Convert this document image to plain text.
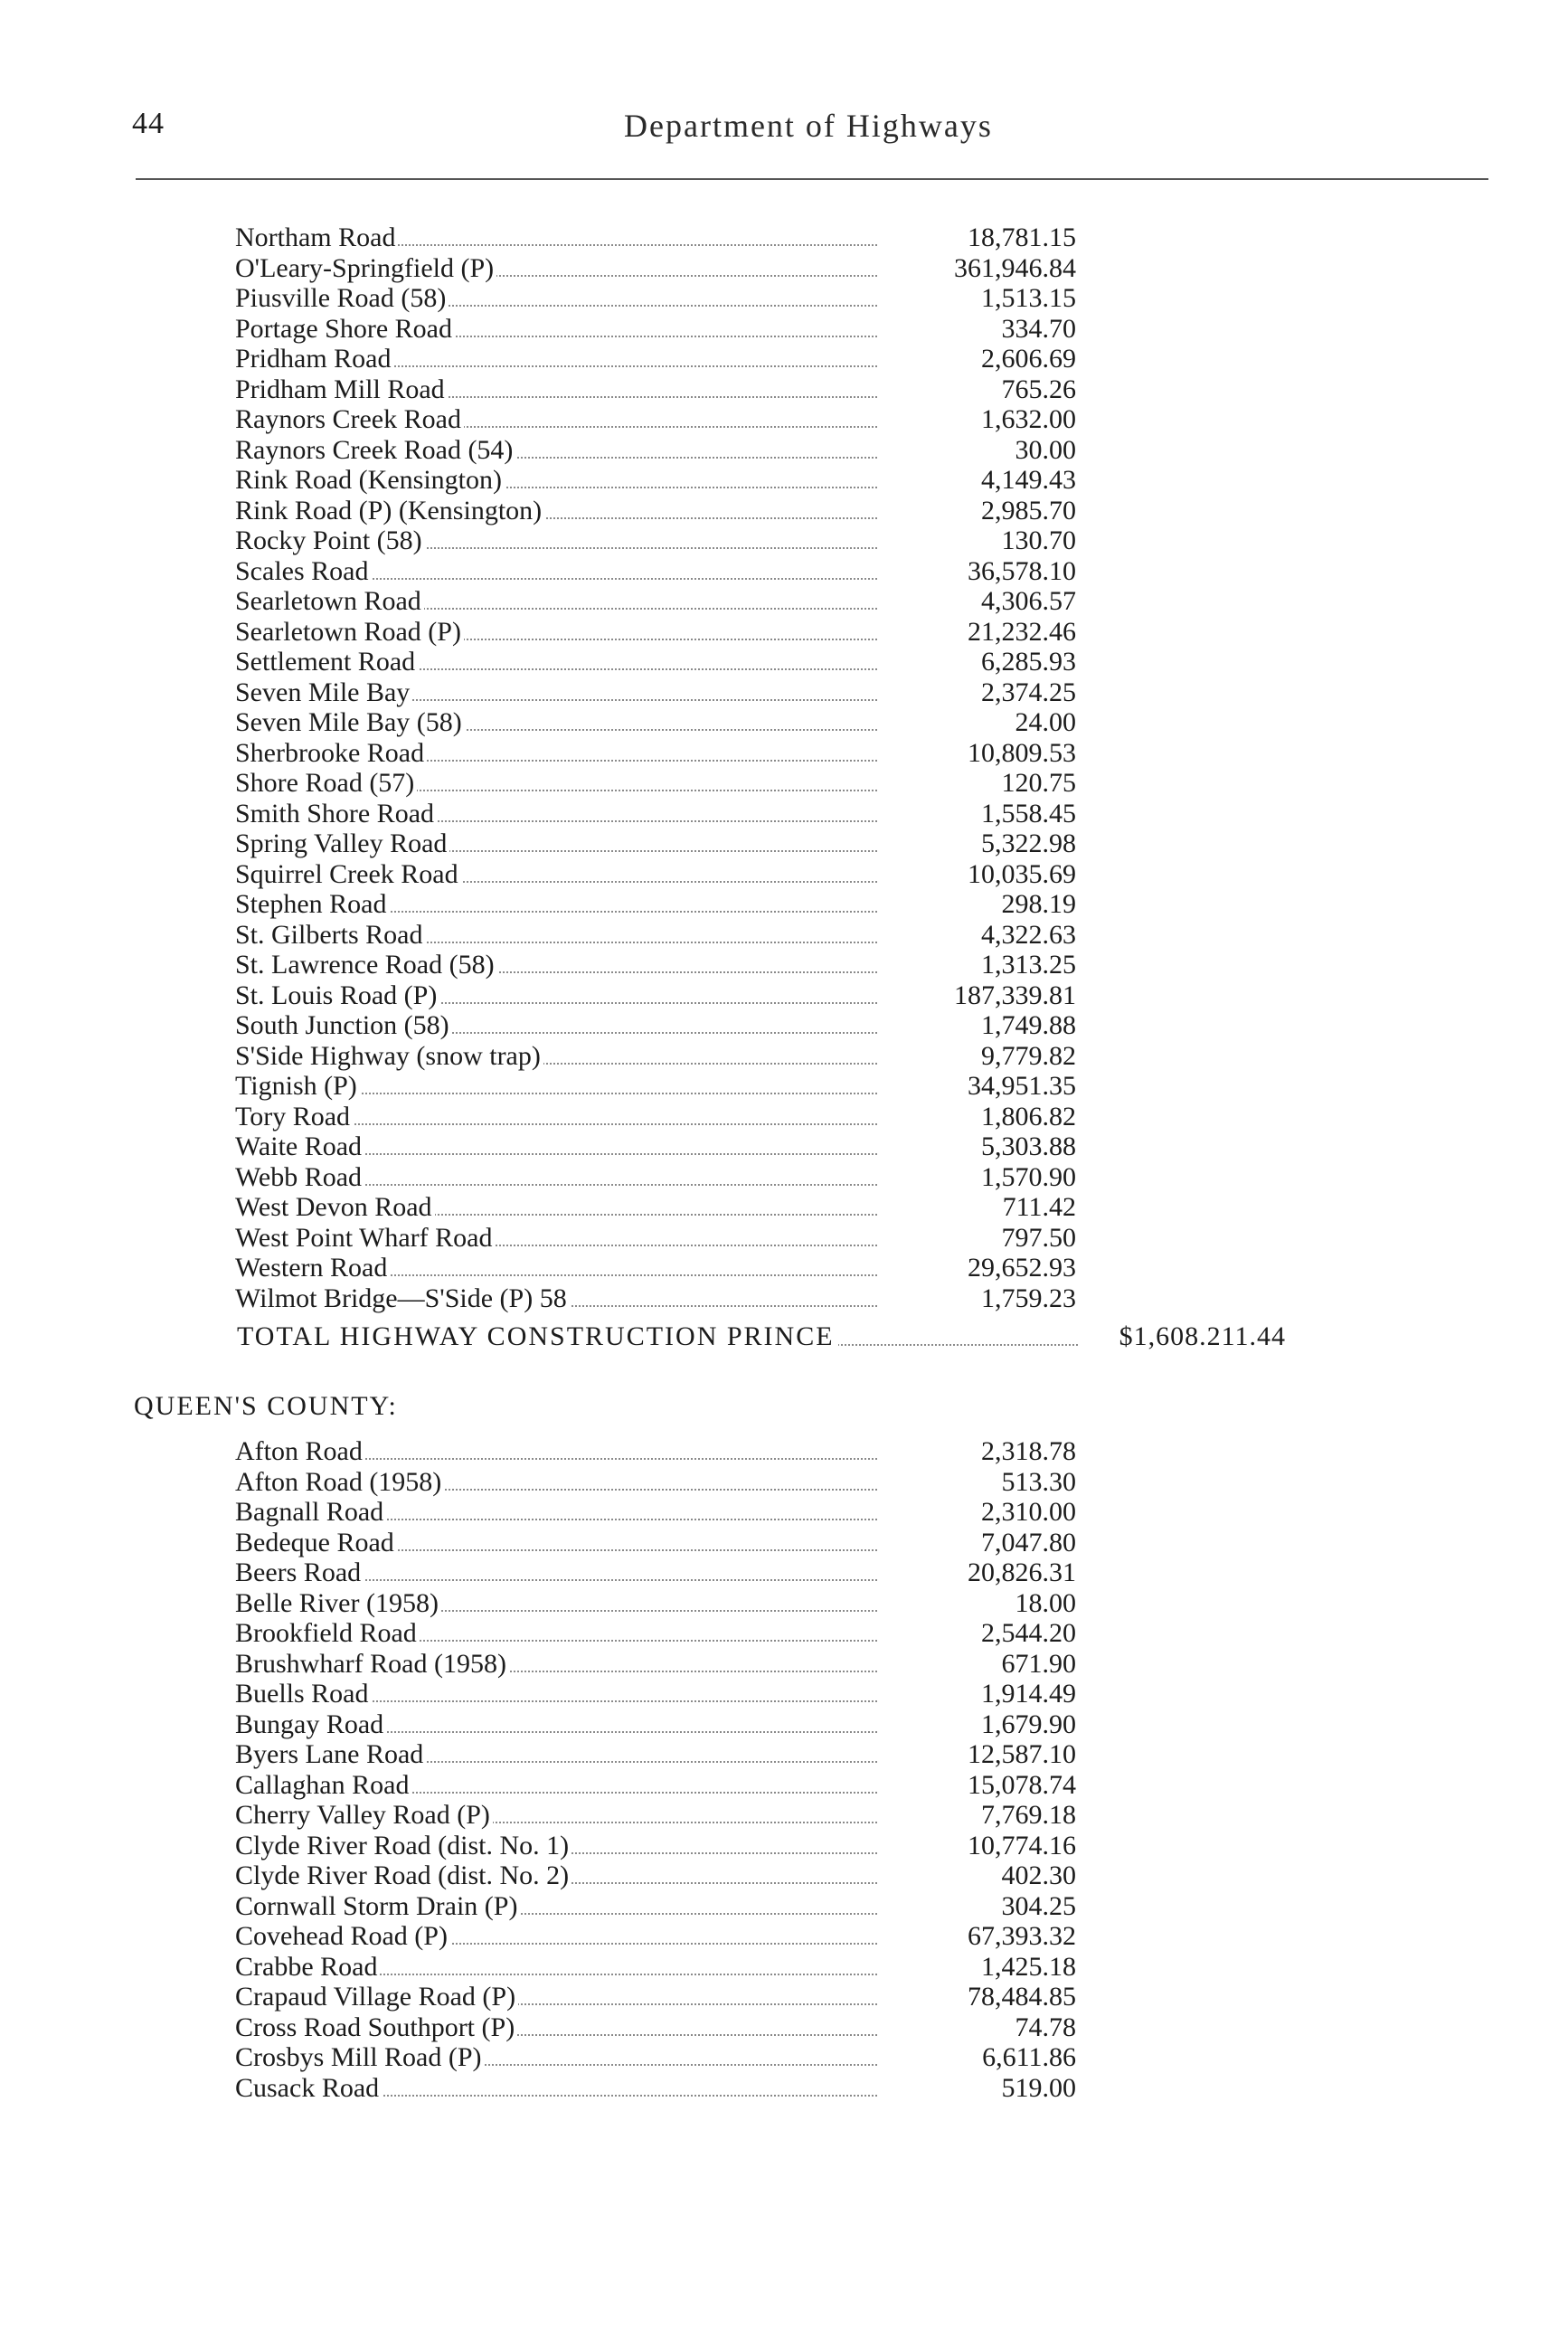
44	Department of Highways
Northam Road	18,781.15
O'Leary-Springfield (P)	361,946.84
Piusville Road (58)	1,513.15
Portage Shore Road	334.70
Pridham Road	2,606.69
Pridham Mill Road	765.26
Raynors Creek Road	1,632.00
Raynors Creek Road (54)	30.00
Rink Road (Kensington)	4,149.43
Rink Road (P) (Kensington)	2,985.70
Rocky Point (58)	130.70
Scales Road	36,578.10
Searletown Road	4,306.57
Searletown Road (P)	21,232.46
Settlement Road	6,285.93
Seven Mile Bay	2,374.25
Seven Mile Bay (58)	24.00
Sherbrooke Road	10,809.53
Shore Road (57)	120.75
Smith Shore Road	1,558.45
Spring Valley Road	5,322.98
Squirrel Creek Road	10,035.69
Stephen Road	298.19
St. Gilberts Road	4,322.63
St. Lawrence Road (58)	1,313.25
St. Louis Road (P)	187,339.81
South Junction (58)	1,749.88
S'Side Highway (snow trap)	9,779.82
Tignish (P)	34,951.35
Tory Road	1,806.82
Waite Road	5,303.88
Webb Road	1,570.90
West Devon Road	711.42
West Point Wharf Road	797.50
Western Road	29,652.93
Wilmot Bridge—S'Side (P) 58	1,759.23
TOTAL HIGHWAY CONSTRUCTION PRINCE	$1,608.211.44
QUEEN'S COUNTY:
Afton Road	2,318.78
Afton Road (1958)	513.30
Bagnall Road	2,310.00
Bedeque Road	7,047.80
Beers Road	20,826.31
Belle River (1958)	18.00
Brookfield Road	2,544.20
Brushwharf Road (1958)	671.90
Buells Road	1,914.49
Bungay Road	1,679.90
Byers Lane Road	12,587.10
Callaghan Road	15,078.74
Cherry Valley Road (P)	7,769.18
Clyde River Road (dist. No. 1)	10,774.16
Clyde River Road (dist. No. 2)	402.30
Cornwall Storm Drain (P)	304.25
Covehead Road (P)	67,393.32
Crabbe Road	1,425.18
Crapaud Village Road (P)	78,484.85
Cross Road Southport (P)	74.78
Crosbys Mill Road (P)	6,611.86
Cusack Road	519.00
